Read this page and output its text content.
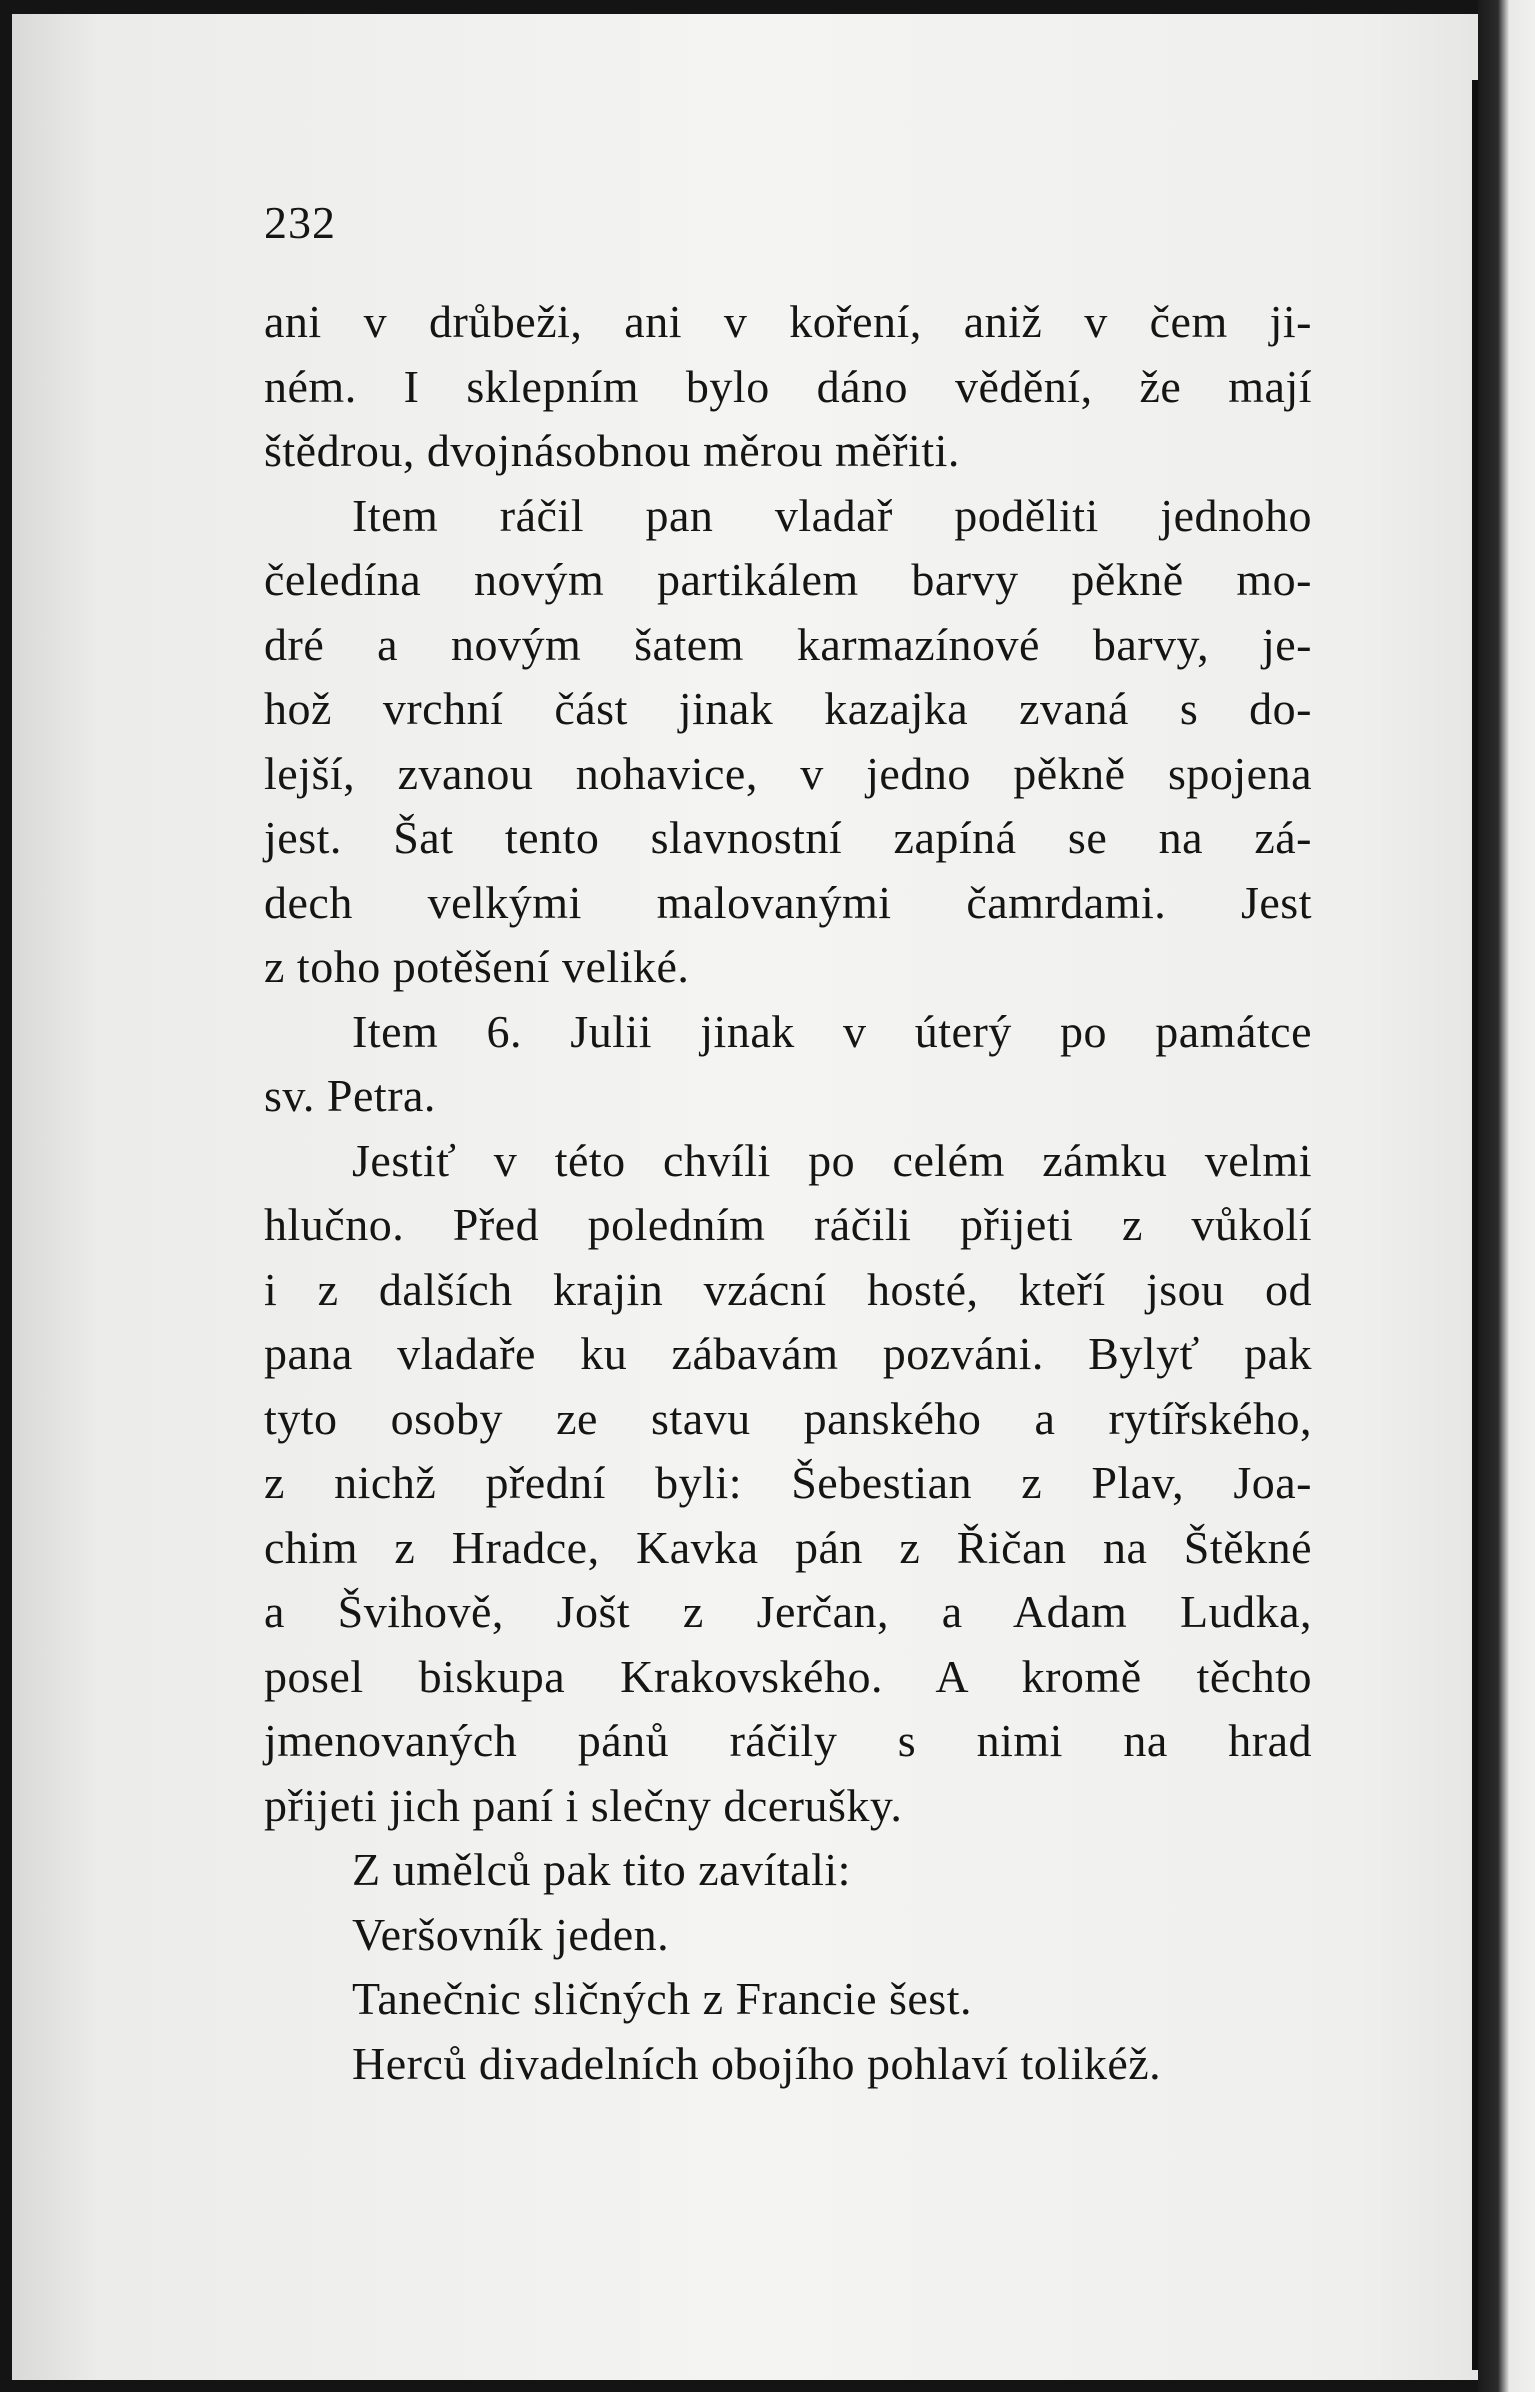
232
ani v drůbeži, ani v koření, aniž v čem ji-
ném. I sklepním bylo dáno vědění, že mají
štědrou, dvojnásobnou měrou měřiti.
Item ráčil pan vladař poděliti jednoho
čeledína novým partikálem barvy pěkně mo-
dré a novým šatem karmazínové barvy, je-
hož vrchní část jinak kazajka zvaná s do-
lejší, zvanou nohavice, v jedno pěkně spojena
jest. Šat tento slavnostní zapíná se na zá-
dech velkými malovanými čamrdami. Jest
z toho potěšení veliké.
Item 6. Julii jinak v úterý po památce
sv. Petra.
Jestiť v této chvíli po celém zámku velmi
hlučno. Před poledním ráčili přijeti z vůkolí
i z dalších krajin vzácní hosté, kteří jsou od
pana vladaře ku zábavám pozváni. Bylyť pak
tyto osoby ze stavu panského a rytířského,
z nichž přední byli: Šebestian z Plav, Joa-
chim z Hradce, Kavka pán z Řičan na Štěkné
a Švihově, Jošt z Jerčan, a Adam Ludka,
posel biskupa Krakovského. A kromě těchto
jmenovaných pánů ráčily s nimi na hrad
přijeti jich paní i slečny dcerušky.
Z umělců pak tito zavítali:
Veršovník jeden.
Tanečnic sličných z Francie šest.
Herců divadelních obojího pohlaví tolikéž.
